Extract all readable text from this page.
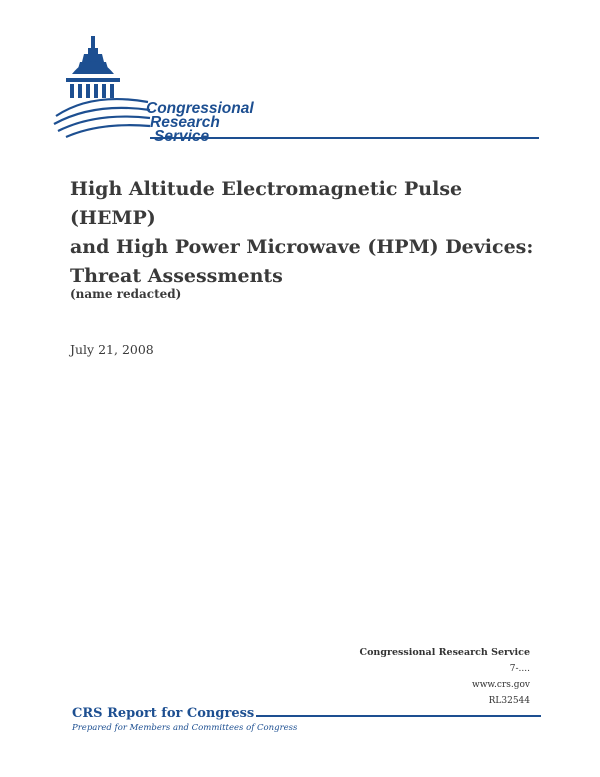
Congressional
Research
High Altitude Electromagnetic Pulse (HEMP)
and High Power Microwave (HPM) Devices:
Threat Assessments
(name redacted)
July 21, 2008
Congressional Research Service
7-....
www.crs.gov
RL32544
CRS Report for Congress
Prepared for Members and Committees of Congress
